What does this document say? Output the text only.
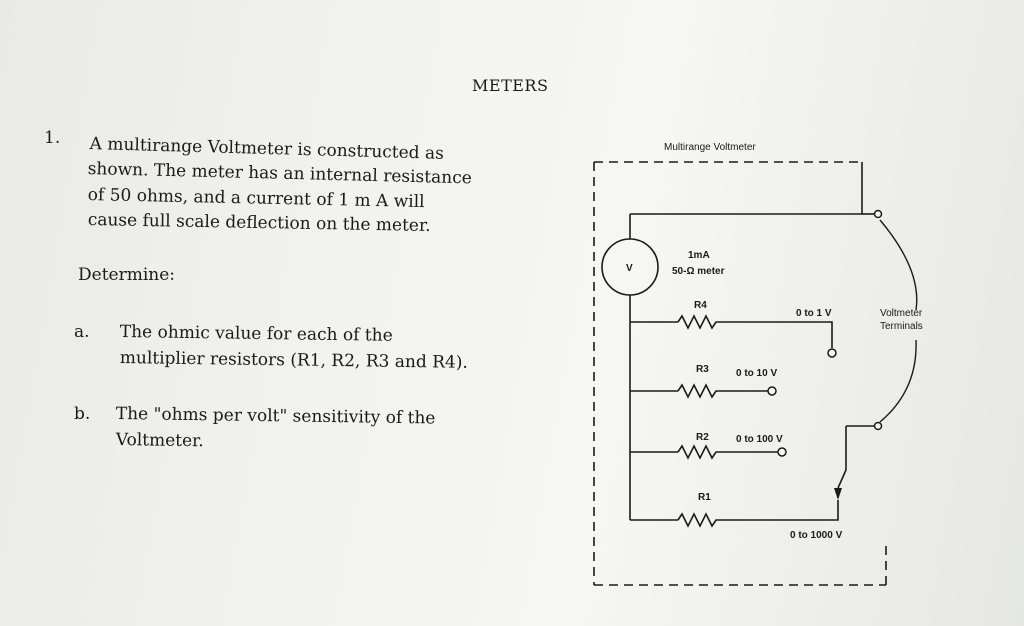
METERS
1. A multirange Voltmeter is constructed as
shown. The meter has an internal resistance
of 50 ohms, and a current of 1 m A will
cause full scale deflection on the meter.
Determine:
a. The ohmic value for each of the
multiplier resistors (R1, R2, R3 and R4).
b. The "ohms per volt" sensitivity of the
Voltmeter.
Multirange Voltmeter
V
1mA
50-Ω meter
R4
0 to 1 V
R3	0 to 10 V
R2	0 to 100 V
R1
0 to 1000 V
Voltmeter
Terminals
